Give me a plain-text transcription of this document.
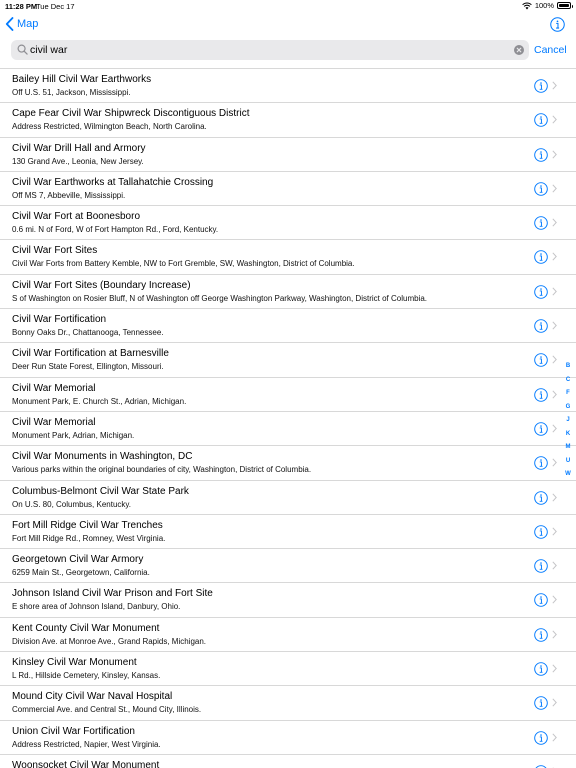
11:28 PM
Tue Dec 17	100%
Map
civil war
Cancel
Bailey Hill Civil War Earthworks
Off U.S. 51, Jackson, Mississippi.
Cape Fear Civil War Shipwreck Discontiguous District
Address Restricted, Wilmington Beach, North Carolina.
Civil War Drill Hall and Armory
130 Grand Ave., Leonia, New Jersey.
Civil War Earthworks at Tallahatchie Crossing
Off MS 7, Abbeville, Mississippi.
Civil War Fort at Boonesboro
0.6 mi. N of Ford, W of Fort Hampton Rd., Ford, Kentucky.
Civil War Fort Sites
Civil War Forts from Battery Kemble, NW to Fort Gremble, SW, Washington, District of Columbia.
Civil War Fort Sites (Boundary Increase)
S of Washington on Rosier Bluff, N of Washington off George Washington Parkway, Washington, District of Columbia.
Civil War Fortification
Bonny Oaks Dr., Chattanooga, Tennessee.
Civil War Fortification at Barnesville
Deer Run State Forest, Ellington, Missouri.
Civil War Memorial
Monument Park, E. Church St., Adrian, Michigan.
Civil War Memorial
Monument Park, Adrian, Michigan.
Civil War Monuments in Washington, DC
Various parks within the original boundaries of city, Washington, District of Columbia.
Columbus-Belmont Civil War State Park
On U.S. 80, Columbus, Kentucky.
Fort Mill Ridge Civil War Trenches
Fort Mill Ridge Rd., Romney, West Virginia.
Georgetown Civil War Armory
6259 Main St., Georgetown, California.
Johnson Island Civil War Prison and Fort Site
E shore area of Johnson Island, Danbury, Ohio.
Kent County Civil War Monument
Division Ave. at Monroe Ave., Grand Rapids, Michigan.
Kinsley Civil War Monument
L Rd., Hillside Cemetery, Kinsley, Kansas.
Mound City Civil War Naval Hospital
Commercial Ave. and Central St., Mound City, Illinois.
Union Civil War Fortification
Address Restricted, Napier, West Virginia.
Woonsocket Civil War Monument
B
C
F
G
J
K
M
U
W
